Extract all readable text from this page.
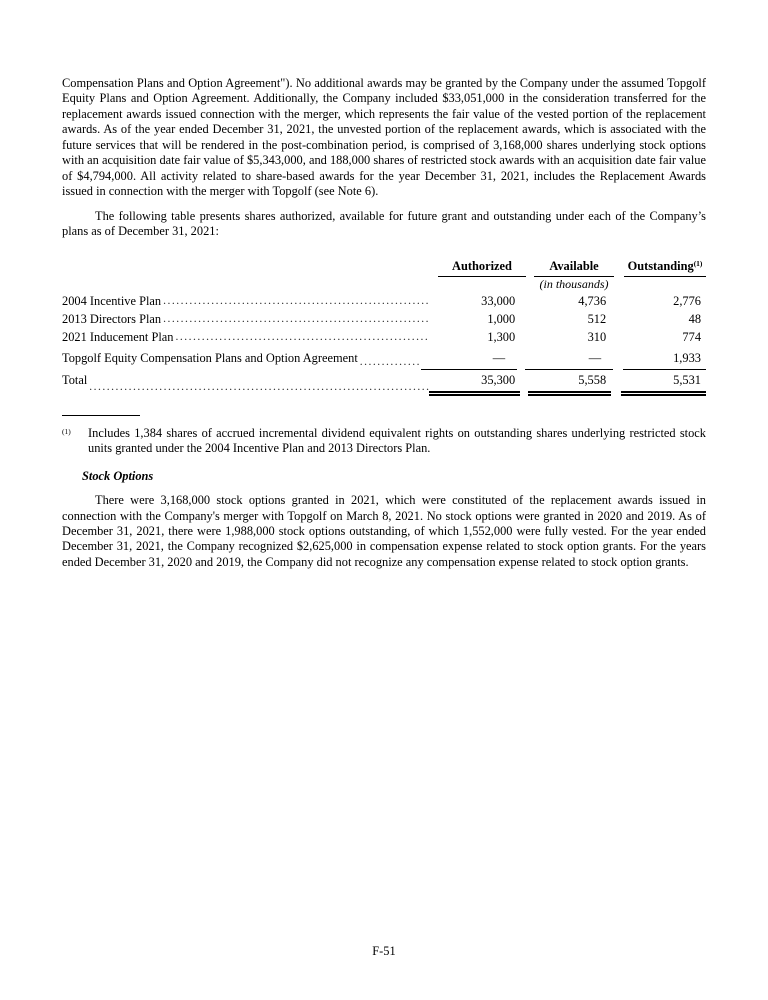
Compensation Plans and Option Agreement"). No additional awards may be granted by the Company under the assumed Topgolf Equity Plans and Option Agreement. Additionally, the Company included $33,051,000 in the consideration transferred for the replacement awards issued connection with the merger, which represents the fair value of the vested portion of the replacement awards. As of the year ended December 31, 2021, the unvested portion of the replacement awards, which is associated with the future services that will be rendered in the post-combination period, is comprised of 3,168,000 shares underlying stock options with an acquisition date fair value of $5,343,000, and 188,000 shares of restricted stock awards with an acquisition date fair value of $4,794,000. All activity related to share-based awards for the year December 31, 2021, includes the Replacement Awards issued in connection with the merger with Topgolf (see Note 6).

The following table presents shares authorized, available for future grant and outstanding under each of the Company’s plans as of December 31, 2021:

Authorized	Available	Outstanding$^{(1)}$
(in thousands)
2004 Incentive Plan .....	33,000	4,736	2,776
2013 Directors Plan .....	1,000	512	48
2021 Inducement Plan .....	1,300	310	774
Topgolf Equity Compensation Plans and Option Agreement .....	—	—	1,933
Total .....	35,300	5,558	5,531
(1)	Includes 1,384 shares of accrued incremental dividend equivalent rights on outstanding shares underlying restricted stock units granted under the 2004 Incentive Plan and 2013 Directors Plan.
Stock Options

There were 3,168,000 stock options granted in 2021, which were constituted of the replacement awards issued in connection with the Company's merger with Topgolf on March 8, 2021. No stock options were granted in 2020 and 2019. As of December 31, 2021, there were 1,988,000 stock options outstanding, of which 1,552,000 were fully vested. For the year ended December 31, 2021, the Company recognized $2,625,000 in compensation expense related to stock option grants. For the years ended December 31, 2020 and 2019, the Company did not recognize any compensation expense related to stock option grants.

F-51
